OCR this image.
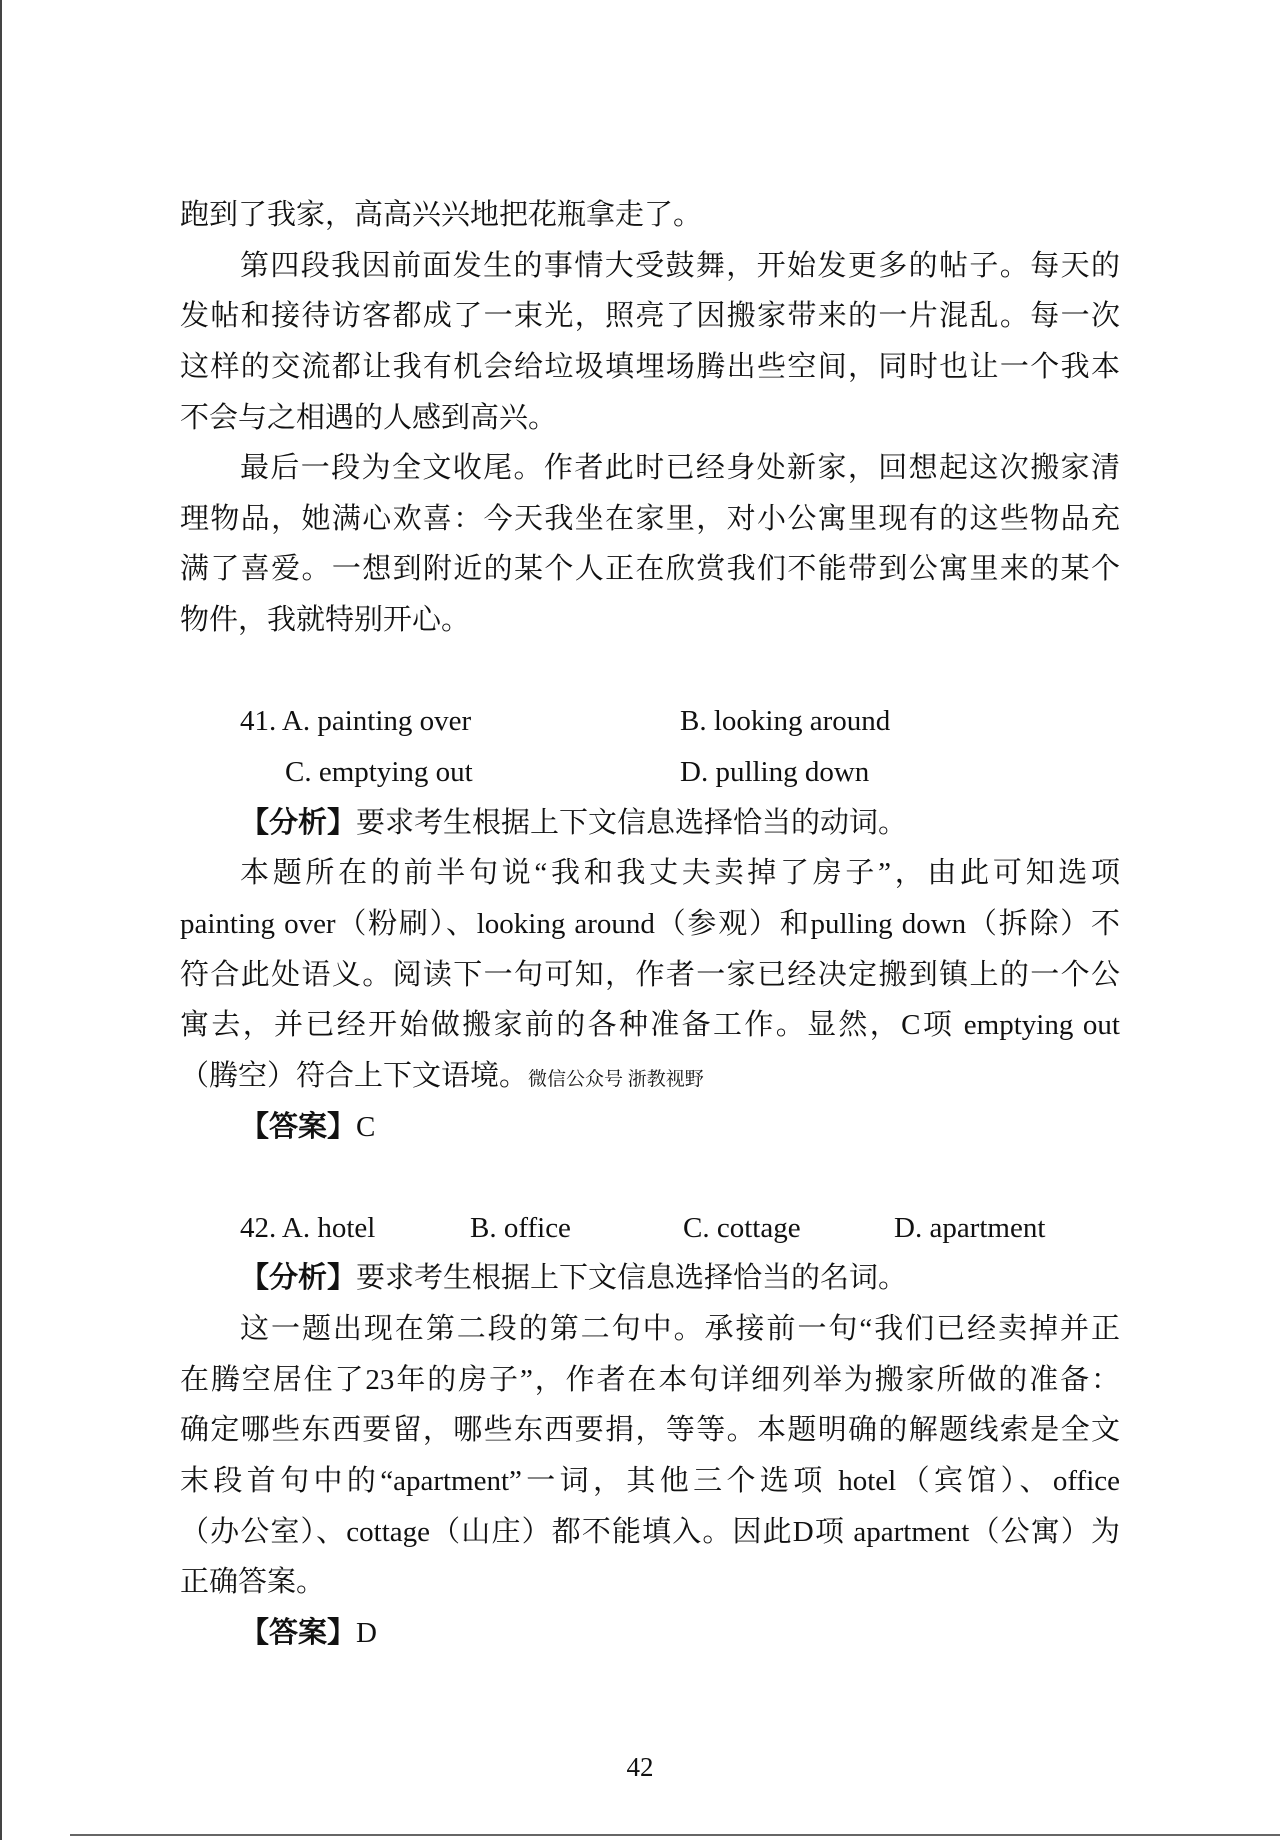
跑到了我家，高高兴兴地把花瓶拿走了。
第四段我因前面发生的事情大受鼓舞，开始发更多的帖子。每天的
发帖和接待访客都成了一束光，照亮了因搬家带来的一片混乱。每一次
这样的交流都让我有机会给垃圾填埋场腾出些空间，同时也让一个我本
不会与之相遇的人感到高兴。
最后一段为全文收尾。作者此时已经身处新家，回想起这次搬家清
理物品，她满心欢喜：今天我坐在家里，对小公寓里现有的这些物品充
满了喜爱。一想到附近的某个人正在欣赏我们不能带到公寓里来的某个
物件，我就特别开心。
41. A. painting over	B. looking around
C. emptying out	D. pulling down
【分析】要求考生根据上下文信息选择恰当的动词。
本题所在的前半句说“我和我丈夫卖掉了房子”，由此可知选项
painting over（粉刷）、looking around（参观）和pulling down（拆除）不
符合此处语义。阅读下一句可知，作者一家已经决定搬到镇上的一个公
寓去，并已经开始做搬家前的各种准备工作。显然，C项 emptying out
（腾空）符合上下文语境。微信公众号 浙教视野
【答案】C
42. A. hotel	B. office	C. cottage	D. apartment
【分析】要求考生根据上下文信息选择恰当的名词。
这一题出现在第二段的第二句中。承接前一句“我们已经卖掉并正
在腾空居住了23年的房子”，作者在本句详细列举为搬家所做的准备：
确定哪些东西要留，哪些东西要捐，等等。本题明确的解题线索是全文
末段首句中的“apartment”一词，其他三个选项 hotel（宾馆）、office
（办公室）、cottage（山庄）都不能填入。因此D项 apartment（公寓）为
正确答案。
【答案】D
42
